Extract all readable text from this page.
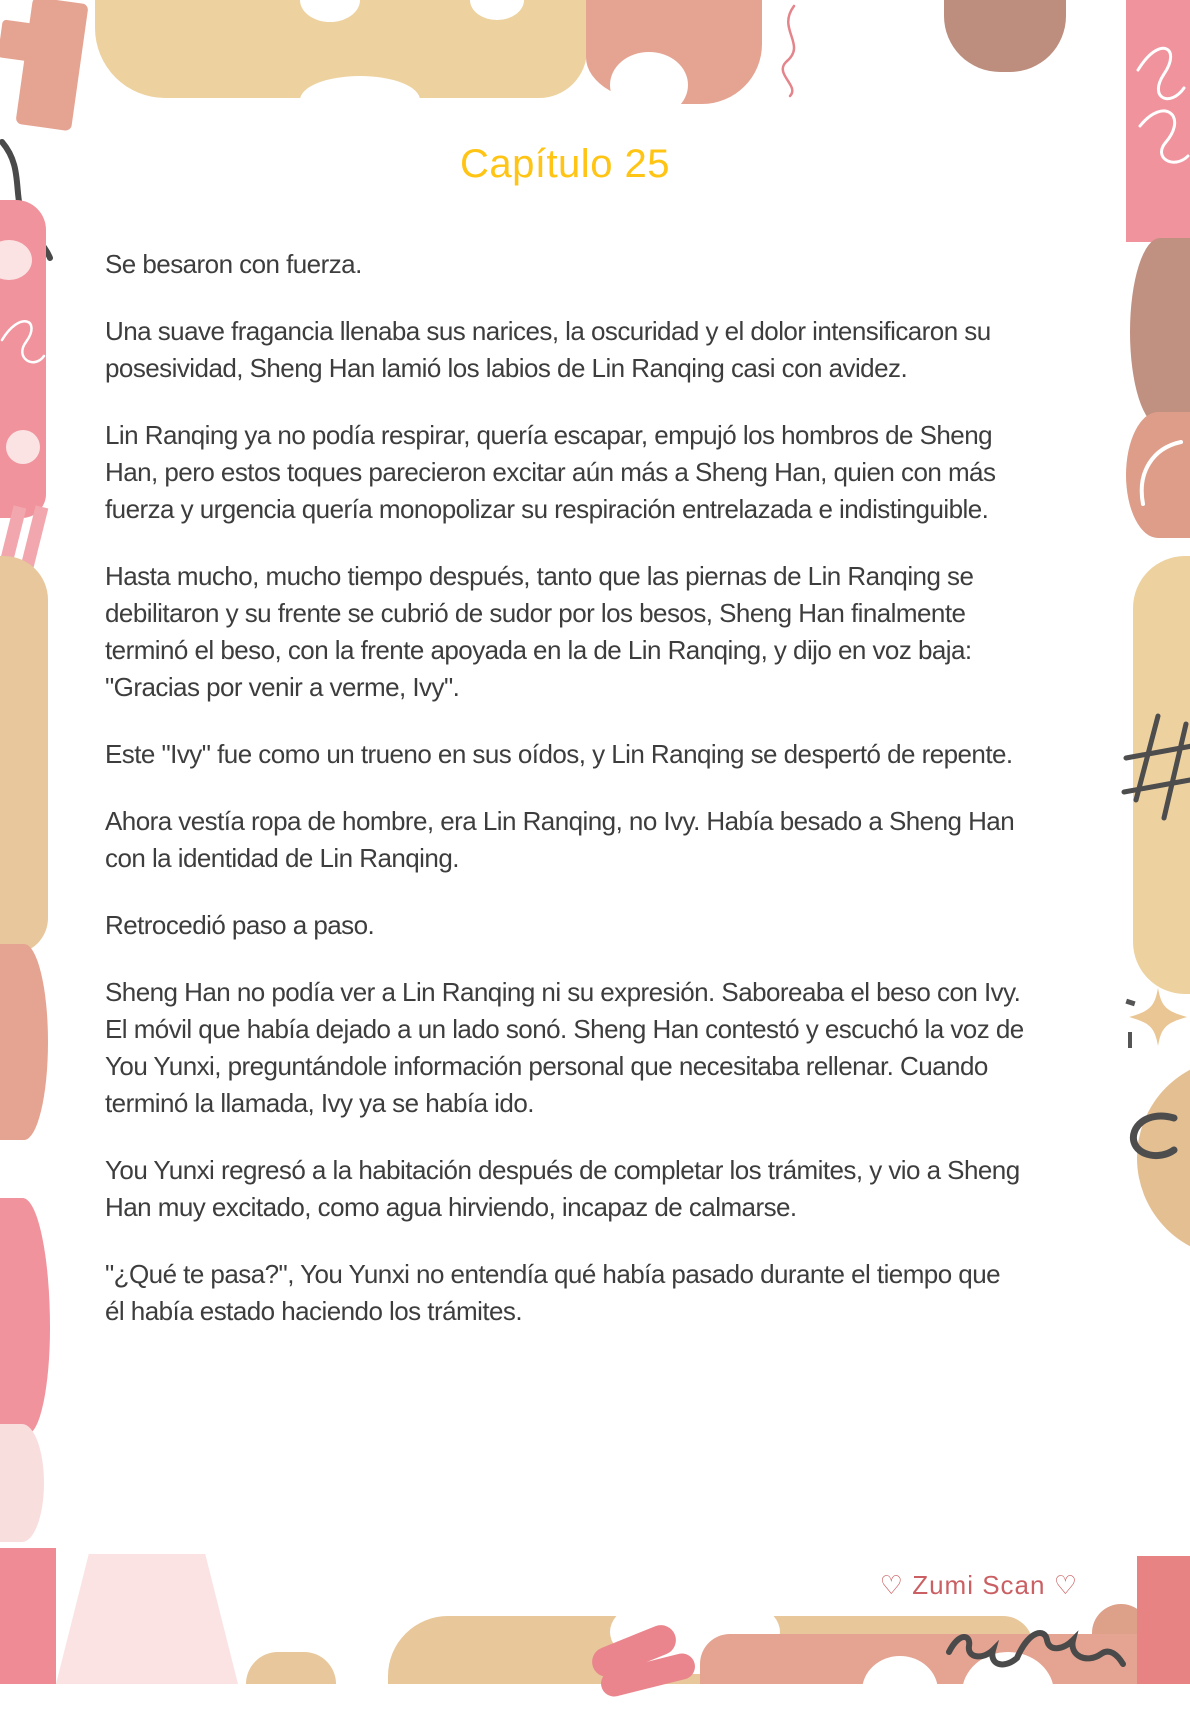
Capítulo 25

Se besaron con fuerza.

Una suave fragancia llenaba sus narices, la oscuridad y el dolor intensificaron su posesividad, Sheng Han lamió los labios de Lin Ranqing casi con avidez.

Lin Ranqing ya no podía respirar, quería escapar, empujó los hombros de Sheng Han, pero estos toques parecieron excitar aún más a Sheng Han, quien con más fuerza y urgencia quería monopolizar su respiración entrelazada e indistinguible.

Hasta mucho, mucho tiempo después, tanto que las piernas de Lin Ranqing se debilitaron y su frente se cubrió de sudor por los besos, Sheng Han finalmente terminó el beso, con la frente apoyada en la de Lin Ranqing, y dijo en voz baja: "Gracias por venir a verme, Ivy".

Este "Ivy" fue como un trueno en sus oídos, y Lin Ranqing se despertó de repente.

Ahora vestía ropa de hombre, era Lin Ranqing, no Ivy. Había besado a Sheng Han con la identidad de Lin Ranqing.

Retrocedió paso a paso.

Sheng Han no podía ver a Lin Ranqing ni su expresión. Saboreaba el beso con Ivy. El móvil que había dejado a un lado sonó. Sheng Han contestó y escuchó la voz de You Yunxi, preguntándole información personal que necesitaba rellenar. Cuando terminó la llamada, Ivy ya se había ido.

You Yunxi regresó a la habitación después de completar los trámites, y vio a Sheng Han muy excitado, como agua hirviendo, incapaz de calmarse.

"¿Qué te pasa?", You Yunxi no entendía qué había pasado durante el tiempo que él había estado haciendo los trámites.

♡ Zumi Scan ♡
